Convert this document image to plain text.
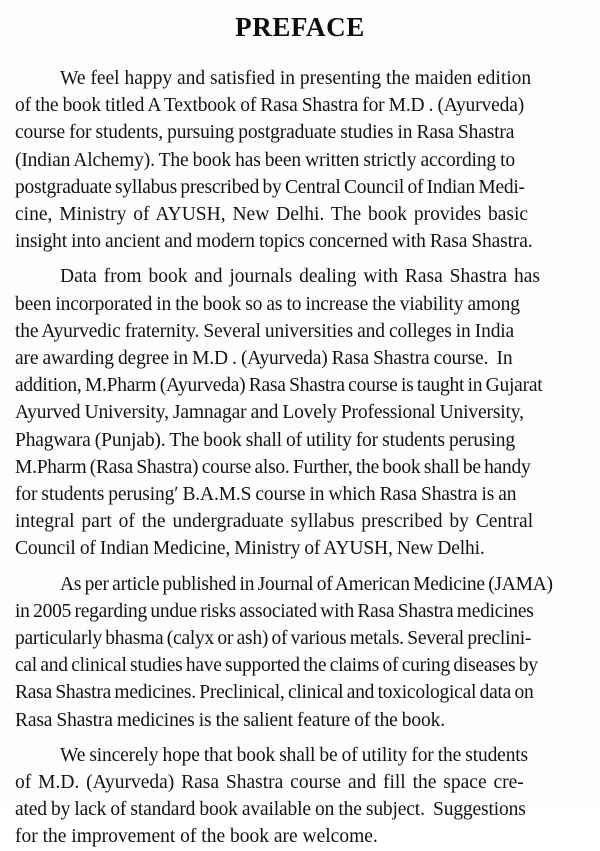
PREFACE

We feel happy and satisfied in presenting the maiden edition
of the book titled A Textbook of Rasa Shastra for M.D . (Ayurveda)
course for students, pursuing postgraduate studies in Rasa Shastra
(Indian Alchemy). The book has been written strictly according to
postgraduate syllabus prescribed by Central Council of Indian Medi-
cine, Ministry of AYUSH, New Delhi. The book provides basic
insight into ancient and modern topics concerned with Rasa Shastra.

Data from book and journals dealing with Rasa Shastra has
been incorporated in the book so as to increase the viability among
the Ayurvedic fraternity. Several universities and colleges in India
are awarding degree in M.D . (Ayurveda) Rasa Shastra course.  In
addition, M.Pharm (Ayurveda) Rasa Shastra course is taught in Gujarat
Ayurved University, Jamnagar and Lovely Professional University,
Phagwara (Punjab). The book shall of utility for students perusing
M.Pharm (Rasa Shastra) course also. Further, the book shall be handy
for students perusingʹ B.A.M.S course in which Rasa Shastra is an
integral part of the undergraduate syllabus prescribed by Central
Council of Indian Medicine, Ministry of AYUSH, New Delhi.

As per article published in Journal of American Medicine (JAMA)
in 2005 regarding undue risks associated with Rasa Shastra medicines
particularly bhasma (calyx or ash) of various metals. Several preclini-
cal and clinical studies have supported the claims of curing diseases by
Rasa Shastra medicines. Preclinical, clinical and toxicological data on
Rasa Shastra medicines is the salient feature of the book.

We sincerely hope that book shall be of utility for the students
of M.D. (Ayurveda) Rasa Shastra course and fill the space cre-
ated by lack of standard book available on the subject.  Suggestions
for the improvement of the book are welcome.
